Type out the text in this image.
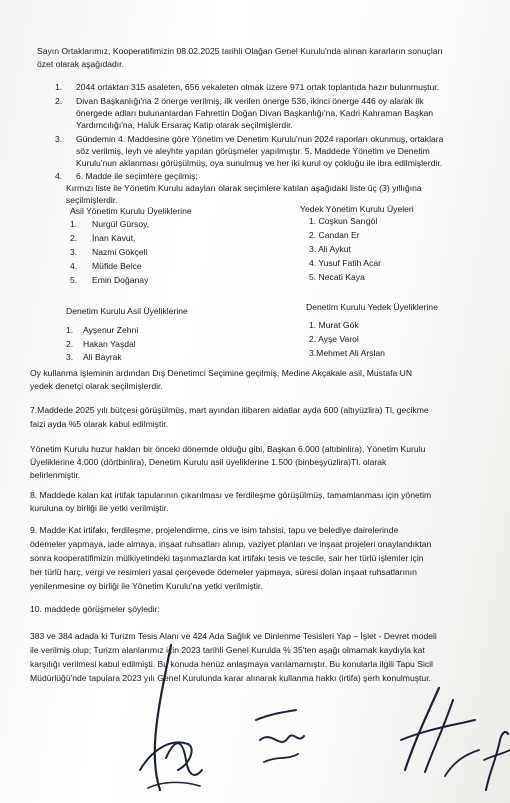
Sayın Ortaklarımız, Kooperatifimizin 08.02.2025 tarihli Olağan Genel Kurulu'nda alınan kararların sonuçları
özet olarak aşağıdadır.
1. 2044 ortaktan 315 asaleten, 656 vekaleten olmak üzere 971 ortak toplantıda hazır bulunmuştur.
2. Divan Başkanlığı'na 2 önerge verilmiş, ilk verilen önerge 536, ikinci önerge 446 oy alarak ilk
önergede adları bulunanlardan Fahrettin Doğan Divan Başkanlığı'na, Kadri Kahraman Başkan
Yardımcılığı'na, Haluk Ersaraç Katip olarak seçilmişlerdir.
3. Gündemin 4. Maddesine göre Yönetim ve Denetim Kurulu'nun 2024 raporları okunmuş, ortaklara
söz verilmiş, leyh ve aleyhte yapılan görüşmeler yapılmıştır. 5. Maddede Yönetim ve Denetim
Kurulu'nun aklanması görüşülmüş, oya sunulmuş ve her iki kurul oy çokluğu ile ibra edilmişlerdir.
4. 6. Madde ile seçimlere geçilmiş;
Kırmızı liste ile Yönetim Kurulu adayları olarak seçimlere katılan aşağıdaki liste üç (3) yıllığına
seçilmişlerdir.
Asil Yönetim Kurulu Üyeliklerine
1. Nurgül Gürsoy,
2. İnan Kavut,
3. Nazmi Gökçeli
4. Müfide Belce
5. Emin Doğanay
Yedek Yönetim Kurulu Üyeleri
1. Coşkun Sarıgöl
2. Candan Er
3. Ali Aykut
4. Yusuf Fatih Acar
5. Necati Kaya
Denetim Kurulu Asil Üyeliklerine
1. Ayşenur Zehni
2. Hakan Yaşdal
3. Ali Bayrak
Denetim Kurulu Yedek Üyeliklerine
1. Murat Gök
2. Ayşe Varol
3.Mehmet Ali Arslan
Oy kullanma işleminin ardından Dış Denetimci Seçimine geçilmiş, Medine Akçakale asil, Mustafa UN
yedek denetçi olarak seçilmişlerdir.
7.Maddede 2025 yılı bütçesi görüşülmüş, mart ayından itibaren aidatlar ayda 600 (altıyüzlira) Tl, gecikme
faizi ayda %5 olarak kabul edilmiştir.
Yönetim Kurulu huzur hakları bir önceki dönemde olduğu gibi, Başkan 6.000 (altıbinlira), Yönetim Kurulu
Üyeliklerine 4.000 (dörtbinlira), Denetim Kurulu asil üyeliklerine 1.500 (binbeşyüzlira)Tl. olarak
belirlenmiştir.
8. Maddede kalan kat irtifak tapularının çıkarılması ve ferdileşme görüşülmüş, tamamlanması için yönetim
kuruluna oy birliği ile yetki verilmiştir.
9. Madde Kat irtifakı, ferdileşme, projelendirme, cins ve isim tahsisi, tapu ve belediye dairelerinde
ödemeler yapmaya, iade almaya, inşaat ruhsatları alınıp, vaziyet planları ve inşaat projeleri onaylandıktan
sonra kooperatifimizin mülkiyetindeki taşınmazlarda kat irtifakı tesis ve tescile, sair her türlü işlemler için
her türlü harç, vergi ve resimleri yasal çerçevede ödemeler yapmaya, süresi dolan inşaat ruhsatlarının
yenilenmesine oy birliği ile Yönetim Kurulu'na yetki verilmiştir.
10. maddede görüşmeler şöyledir:
383 ve 384 adada ki Turizm Tesis Alanı ve 424 Ada Sağlık ve Dinlenme Tesisleri Yap – İşlet - Devret modeli
ile verilmiş olup; Turizm alanlarımız için 2023 tarihli Genel Kurulda % 35'ten aşağı olmamak kaydıyla kat
karşılığı verilmesi kabul edilmişti. Bu konuda henüz anlaşmaya varılamamıştır. Bu konularla ilgili Tapu Sicil
Müdürlüğü'nde tapulara 2023 yılı Genel Kurulunda karar alınarak kullanma hakkı (irtifa) şerh konulmuştur.
